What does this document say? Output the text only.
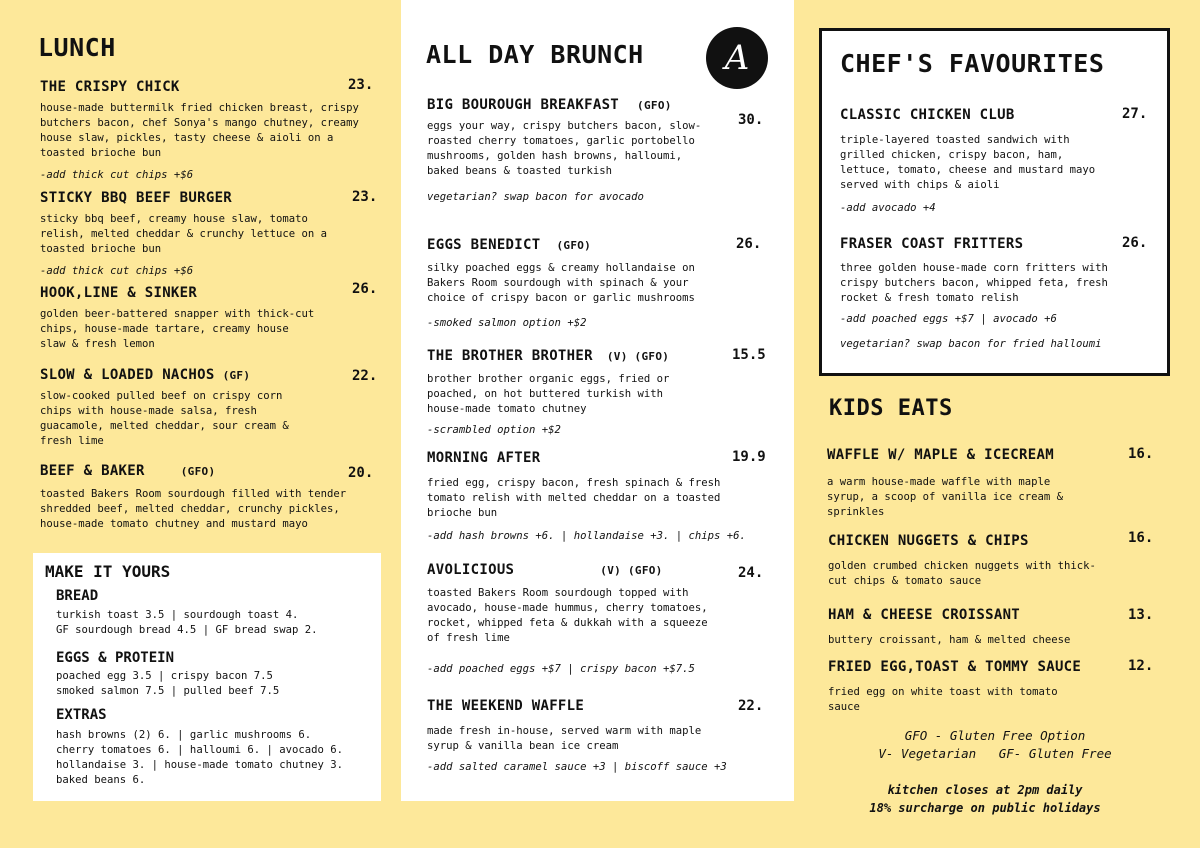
LUNCH
THE CRISPY CHICK
house-made buttermilk fried chicken breast, crispy butchers bacon, chef Sonya's mango chutney, creamy house slaw, pickles, tasty cheese & aioli on a toasted brioche bun
-add thick cut chips +$6
23.
STICKY BBQ BEEF BURGER
sticky bbq beef, creamy house slaw, tomato relish, melted cheddar & crunchy lettuce on a toasted brioche bun
-add thick cut chips +$6
23.
HOOK,LINE & SINKER
golden beer-battered snapper with thick-cut chips, house-made tartare, creamy house slaw & fresh lemon
26.
SLOW & LOADED NACHOS (GF)
slow-cooked pulled beef on crispy corn chips with house-made salsa, fresh guacamole, melted cheddar, sour cream & fresh lime
22.
BEEF & BAKER	(GFO)
toasted Bakers Room sourdough filled with tender shredded beef, melted cheddar, crunchy pickles, house-made tomato chutney and mustard mayo
20.
MAKE IT YOURS
BREAD
turkish toast 3.5 | sourdough toast 4.
GF sourdough bread 4.5 | GF bread swap 2.
EGGS & PROTEIN
poached egg 3.5 | crispy bacon 7.5
smoked salmon 7.5 | pulled beef 7.5
EXTRAS
hash browns (2) 6. | garlic mushrooms 6.
cherry tomatoes 6. | halloumi 6. | avocado 6.
hollandaise 3. | house-made tomato chutney 3.
baked beans 6.
ALL DAY BRUNCH A
BIG BOUROUGH BREAKFAST (GFO)
eggs your way, crispy butchers bacon, slow-roasted cherry tomatoes, garlic portobello mushrooms, golden hash browns, halloumi, baked beans & toasted turkish
vegetarian? swap bacon for avocado
30.
EGGS BENEDICT (GFO)
silky poached eggs & creamy hollandaise on Bakers Room sourdough with spinach & your choice of crispy bacon or garlic mushrooms
-smoked salmon option +$2
26.
THE BROTHER BROTHER (V) (GFO)
brother brother organic eggs, fried or poached, on hot buttered turkish with house-made tomato chutney
-scrambled option +$2
15.5
MORNING AFTER
fried egg, crispy bacon, fresh spinach & fresh tomato relish with melted cheddar on a toasted brioche bun
-add hash browns +6. | hollandaise +3. | chips +6.
19.9
AVOLICIOUS	(V) (GFO)
toasted Bakers Room sourdough topped with avocado, house-made hummus, cherry tomatoes, rocket, whipped feta & dukkah with a squeeze of fresh lime
-add poached eggs +$7 | crispy bacon +$7.5
24.
THE WEEKEND WAFFLE
made fresh in-house, served warm with maple syrup & vanilla bean ice cream
-add salted caramel sauce +3 | biscoff sauce +3
22.
CHEF'S FAVOURITES
CLASSIC CHICKEN CLUB
triple-layered toasted sandwich with grilled chicken, crispy bacon, ham, lettuce, tomato, cheese and mustard mayo served with chips & aioli
-add avocado +4
27.
FRASER COAST FRITTERS
three golden house-made corn fritters with crispy butchers bacon, whipped feta, fresh rocket & fresh tomato relish
-add poached eggs +$7 | avocado +6
vegetarian? swap bacon for fried halloumi
26.
KIDS EATS
WAFFLE W/ MAPLE & ICECREAM
a warm house-made waffle with maple syrup, a scoop of vanilla ice cream & sprinkles
16.
CHICKEN NUGGETS & CHIPS
golden crumbed chicken nuggets with thick-cut chips & tomato sauce
16.
HAM & CHEESE CROISSANT
buttery croissant, ham & melted cheese
13.
FRIED EGG,TOAST & TOMMY SAUCE
fried egg on white toast with tomato sauce
12.
GFO - Gluten Free Option
V- Vegetarian   GF- Gluten Free
kitchen closes at 2pm daily
18% surcharge on public holidays
